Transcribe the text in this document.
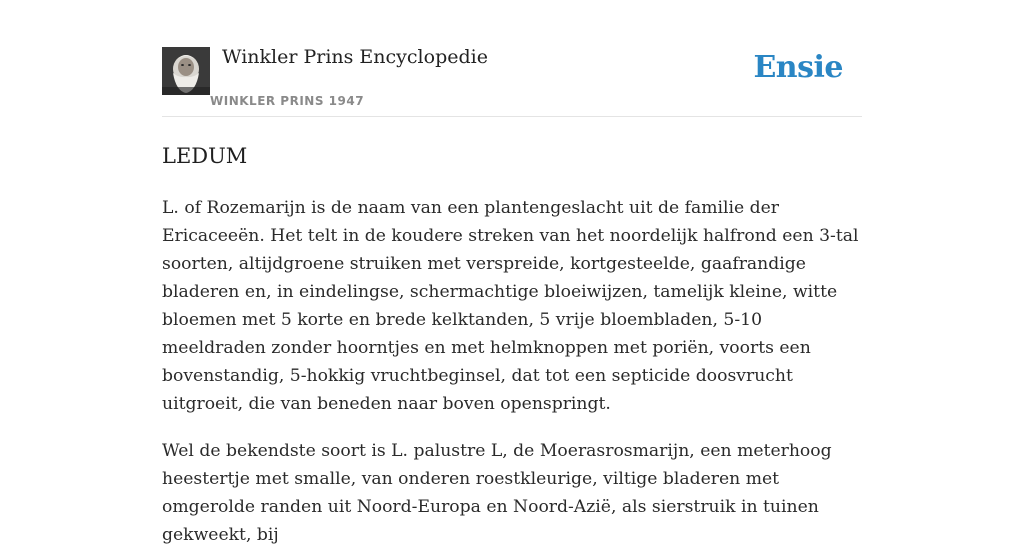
Winkler Prins Encyclopedie
WINKLER PRINS 1947
Ensie
LEDUM

L. of Rozemarijn is de naam van een plantengeslacht uit de familie der Ericaceeën. Het telt in de koudere streken van het noordelijk halfrond een 3-tal soorten, altijdgroene struiken met verspreide, kortgesteelde, gaafrandige bladeren en, in eindelingse, schermachtige bloeiwijzen, tamelijk kleine, witte bloemen met 5 korte en brede kelktanden, 5 vrije bloembladen, 5-10 meeldraden zonder hoorntjes en met helmknoppen met poriën, voorts een bovenstandig, 5-hokkig vruchtbeginsel, dat tot een septicide doosvrucht uitgroeit, die van beneden naar boven openspringt.

Wel de bekendste soort is L. palustre L, de Moerasrosmarijn, een meterhoog heestertje met smalle, van onderen roestkleurige, viltige bladeren met omgerolde randen uit Noord-Europa en Noord-Azië, als sierstruik in tuinen gekweekt, bij
